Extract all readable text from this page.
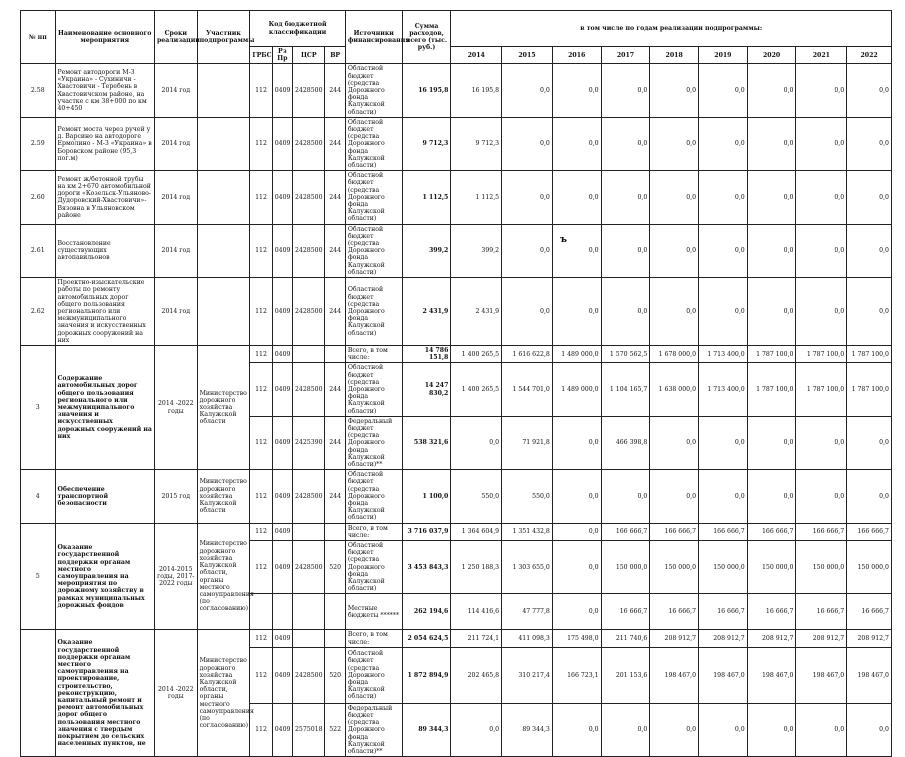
№ пп	Наименование основного мероприятия	Сроки реализации	Участник подпрограммы	Код бюджетной классификации				Источники финансирования	Сумма расходов, всего (тыс. руб.)	в том числе по годам реализации подпрограммы:								
				ГРБС	Рз Пр	ЦСР	ВР			2014	2015	2016	2017	2018	2019	2020	2021	2022
2.58	Ремонт автодороги М-3 «Украина» - Сухиничи - Хвастовичи - Теребень в Хвастовичском районе, на участке с км 38+000 по км 40+450	2014 год		112	0409	2428500	244	Областной бюджет (средства Дорожного фонда Калужской области)	16 195,8	16 195,8	0,0	0,0	0,0	0,0	0,0	0,0	0,0	0,0
2.59	Ремонт моста через ручей у д. Варсино на автодороге Ермолино - М-3 «Украина» в Боровском районе (95,3 пог.м)	2014 год		112	0409	2428500	244	Областной бюджет (средства Дорожного фонда Калужской области)	9 712,3	9 712,3	0,0	0,0	0,0	0,0	0,0	0,0	0,0	0,0
2.60	Ремонт ж/бетонной трубы на км 2+670 автомобильной дороги «Козельск-Ульяново-Дудоровский-Хвастовичи»-Вязовна в Ульяновском районе	2014 год		112	0409	2428500	244	Областной бюджет (средства Дорожного фонда Калужской области)	1 112,5	1 112,5	0,0	0,0	0,0	0,0	0,0	0,0	0,0	0,0
2.61	Восстановление существующих автопавильонов	2014 год		112	0409	2428500	244	Областной бюджет (средства Дорожного фонда Калужской области)	399,2	399,2	0,0	0,0	0,0	0,0	0,0	0,0	0,0	0,0
2.62	Проектно-изыскательские работы по ремонту автомобильных дорог общего пользования регионального или межмуниципального значения и искусственных дорожных сооружений на них	2014 год		112	0409	2428500	244	Областной бюджет (средства Дорожного фонда Калужской области)	2 431,9	2 431,9	0,0	0,0	0,0	0,0	0,0	0,0	0,0	0,0
3	Содержание автомобильных дорог общего пользования регионального или межмуниципального значения и искусственных дорожных сооружений на них	2014 -2022 годы	Министерство дорожного хозяйства Калужской области	112	0409			Всего, в том числе:	14 786 151,8	1 400 265,5	1 616 622,8	1 489 000,0	1 570 562,5	1 678 000,0	1 713 400,0	1 787 100,0	1 787 100,0	1 787 100,0
				112	0409	2428500	244	Областной бюджет (средства Дорожного фонда Калужской области)	14 247 830,2	1 400 265,5	1 544 701,0	1 489 000,0	1 104 165,7	1 638 000,0	1 713 400,0	1 787 100,0	1 787 100,0	1 787 100,0
				112	0409	2425390	244	Федеральный бюджет (средства Дорожного фонда Калужской области)**	538 321,6	0,0	71 921,8	0,0	466 398,8	0,0	0,0	0,0	0,0	0,0
4	Обеспечение транспортной безопасности	2015 год	Министерство дорожного хозяйства Калужской области	112	0409	2428500	244	Областной бюджет (средства Дорожного фонда Калужской области)	1 100,0	550,0	550,0	0,0	0,0	0,0	0,0	0,0	0,0	0,0
5	Оказание государственной поддержки органам местного самоуправления на мероприятия по дорожному хозяйству в рамках муниципальных дорожных фондов	2014-2015 годы, 2017-2022 годы	Министерство дорожного хозяйства Калужской области, органы местного самоуправления (по согласованию)	112	0409			Всего, в том числе:	3 716 037,9	1 364 604,9	1 351 432,8	0,0	166 666,7	166 666,7	166 666,7	166 666,7	166 666,7	166 666,7
				112	0409	2428500	520	Областной бюджет (средства Дорожного фонда Калужской области)	3 453 843,3	1 250 188,3	1 303 655,0	0,0	150 000,0	150 000,0	150 000,0	150 000,0	150 000,0	150 000,0
								Местные бюджеты ******	262 194,6	114 416,6	47 777,8	0,0	16 666,7	16 666,7	16 666,7	16 666,7	16 666,7	16 666,7
	Оказание государственной поддержки органам местного самоуправления на проектирование, строительство, реконструкцию, капитальный ремонт и ремонт автомобильных дорог общего пользования местного значения с твердым покрытием до сельских населенных пунктов, не	2014 -2022 годы	Министерство дорожного хозяйства Калужской области, органы местного самоуправления (по согласованию)	112	0409			Всего, в том числе:	2 054 624,5	211 724,1	411 098,3	175 498,0	211 740,6	208 912,7	208 912,7	208 912,7	208 912,7	208 912,7
				112	0409	2428500	520	Областной бюджет (средства Дорожного фонда Калужской области)	1 872 894,9	202 465,8	310 217,4	166 723,1	201 153,6	198 467,0	198 467,0	198 467,0	198 467,0	198 467,0
				112	0409	2575018	522	Федеральный бюджет (средства Дорожного фонда Калужской области)**	89 344,3	0,0	89 344,3	0,0	0,0	0,0	0,0	0,0	0,0	0,0
ъ
